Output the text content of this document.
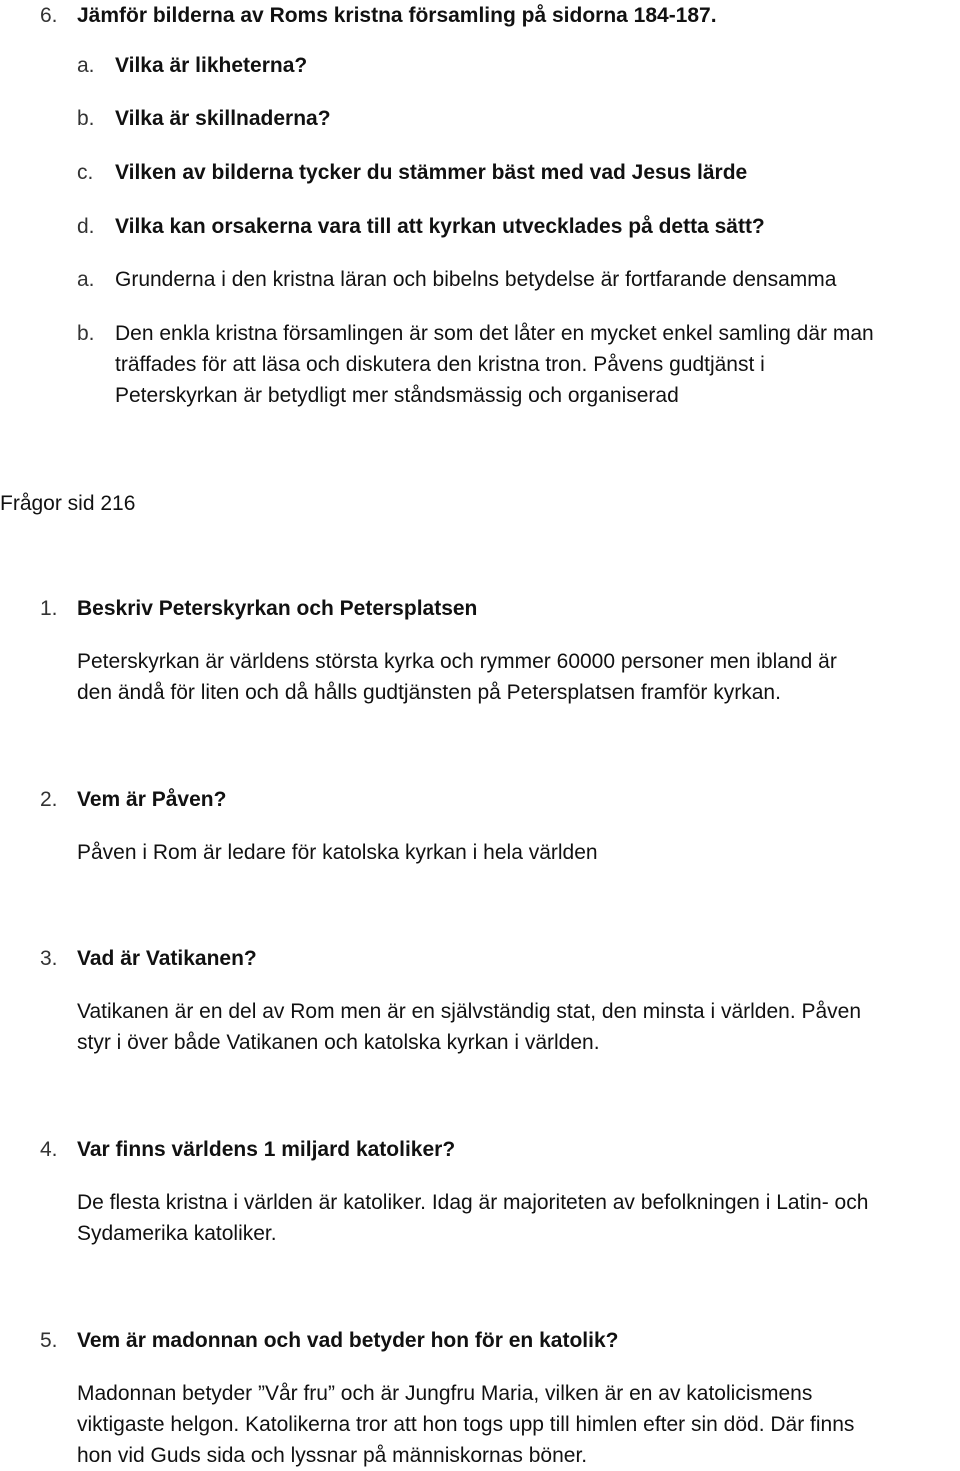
6. Jämför bilderna av Roms kristna församling på sidorna 184-187.
a. Vilka är likheterna?
b. Vilka är skillnaderna?
c. Vilken av bilderna tycker du stämmer bäst med vad Jesus lärde
d. Vilka kan orsakerna vara till att kyrkan utvecklades på detta sätt?
a. Grunderna i den kristna läran och bibelns betydelse är fortfarande densamma
b. Den enkla kristna församlingen är som det låter en mycket enkel samling där man
träffades för att läsa och diskutera den kristna tron. Påvens gudtjänst i
Peterskyrkan är betydligt mer ståndsmässig och organiserad
Frågor sid 216
1. Beskriv Peterskyrkan och Petersplatsen
Peterskyrkan är världens största kyrka och rymmer 60000 personer men ibland är
den ändå för liten och då hålls gudtjänsten på Petersplatsen framför kyrkan.
2. Vem är Påven?
Påven i Rom är ledare för katolska kyrkan i hela världen
3. Vad är Vatikanen?
Vatikanen är en del av Rom men är en självständig stat, den minsta i världen. Påven
styr i över både Vatikanen och katolska kyrkan i världen.
4. Var finns världens 1 miljard katoliker?
De flesta kristna i världen är katoliker. Idag är majoriteten av befolkningen i Latin- och
Sydamerika katoliker.
5. Vem är madonnan och vad betyder hon för en katolik?
Madonnan betyder ”Vår fru” och är Jungfru Maria, vilken är en av katolicismens
viktigaste helgon. Katolikerna tror att hon togs upp till himlen efter sin död. Där finns
hon vid Guds sida och lyssnar på människornas böner.
